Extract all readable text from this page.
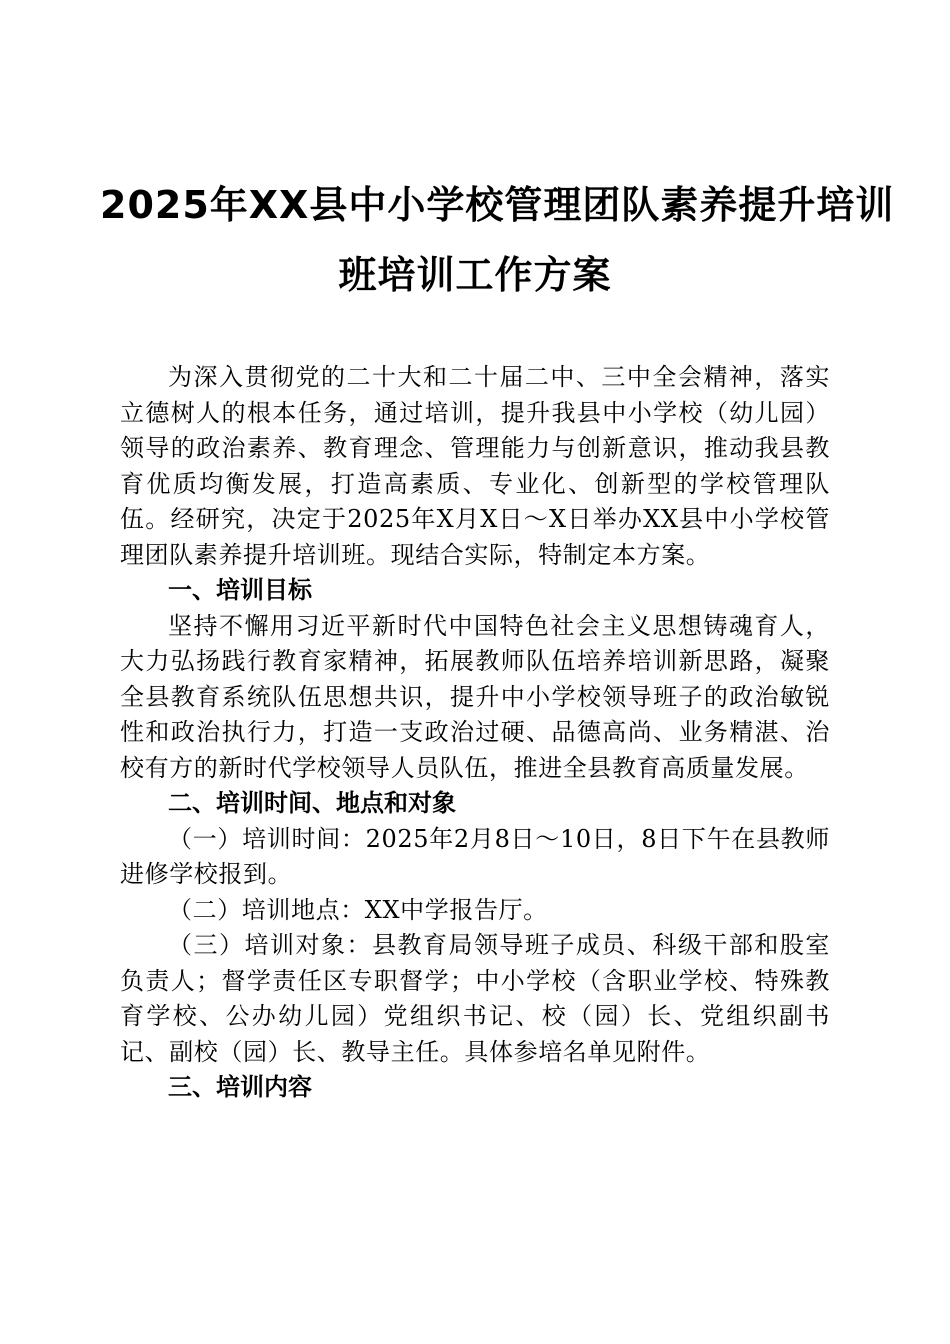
2025年XX县中小学校管理团队素养提升培训
班培训工作方案

为深入贯彻党的二十大和二十届二中、三中全会精神，落实立德树人的根本任务，通过培训，提升我县中小学校（幼儿园）领导的政治素养、教育理念、管理能力与创新意识，推动我县教育优质均衡发展，打造高素质、专业化、创新型的学校管理队伍。经研究，决定于2025年X月X日～X日举办XX县中小学校管理团队素养提升培训班。现结合实际，特制定本方案。

一、培训目标

坚持不懈用习近平新时代中国特色社会主义思想铸魂育人，大力弘扬践行教育家精神，拓展教师队伍培养培训新思路，凝聚全县教育系统队伍思想共识，提升中小学校领导班子的政治敏锐性和政治执行力，打造一支政治过硬、品德高尚、业务精湛、治校有方的新时代学校领导人员队伍，推进全县教育高质量发展。

二、培训时间、地点和对象

（一）培训时间：2025年2月8日～10日，8日下午在县教师进修学校报到。

（二）培训地点：XX中学报告厅。

（三）培训对象：县教育局领导班子成员、科级干部和股室负责人；督学责任区专职督学；中小学校（含职业学校、特殊教育学校、公办幼儿园）党组织书记、校（园）长、党组织副书记、副校（园）长、教导主任。具体参培名单见附件。

三、培训内容
